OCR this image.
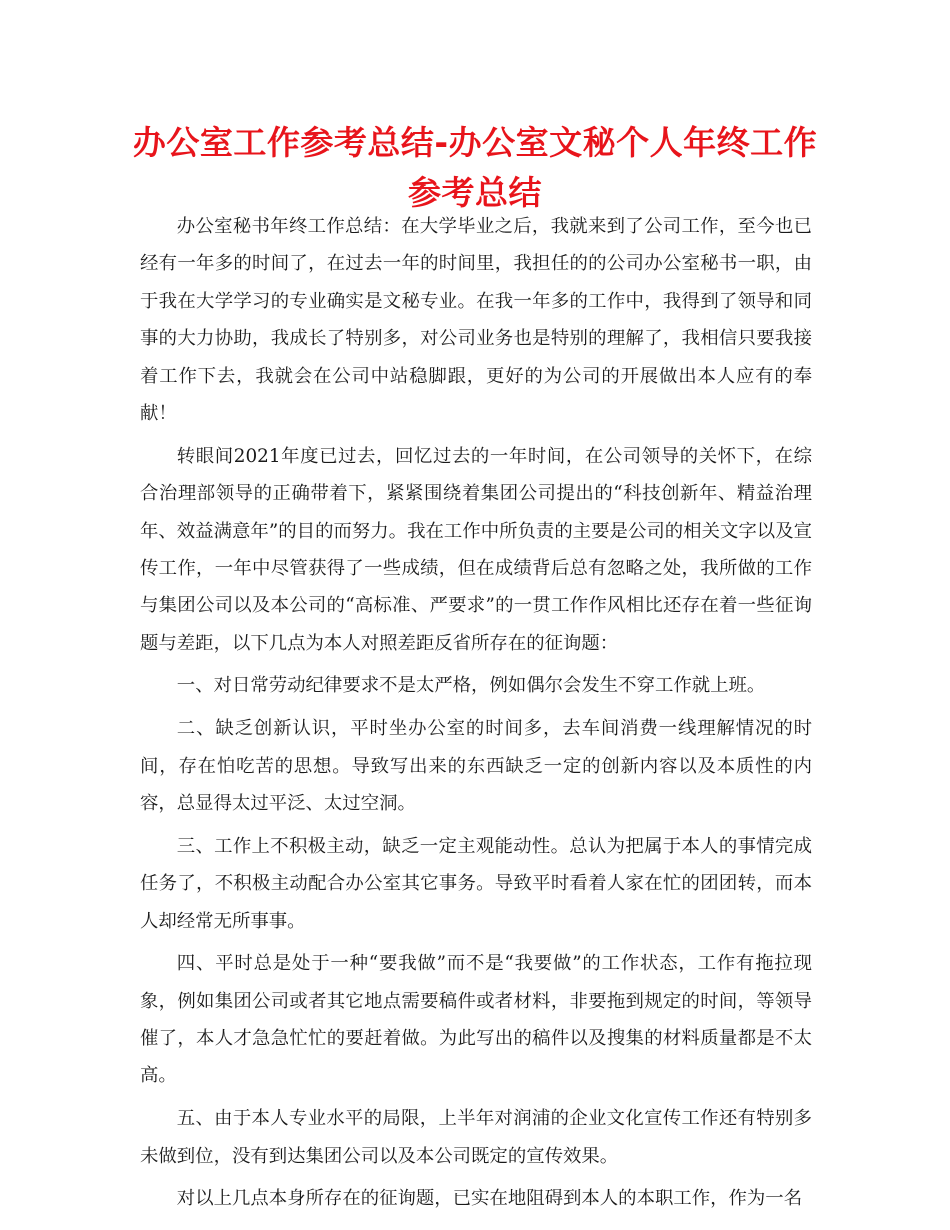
办公室工作参考总结-办公室文秘个人年终工作参考总结

办公室秘书年终工作总结：在大学毕业之后，我就来到了公司工作，至今也已经有一年多的时间了，在过去一年的时间里，我担任的的公司办公室秘书一职，由于我在大学学习的专业确实是文秘专业。在我一年多的工作中，我得到了领导和同事的大力协助，我成长了特别多，对公司业务也是特别的理解了，我相信只要我接着工作下去，我就会在公司中站稳脚跟，更好的为公司的开展做出本人应有的奉献！

转眼间2021年度已过去，回忆过去的一年时间，在公司领导的关怀下，在综合治理部领导的正确带着下，紧紧围绕着集团公司提出的“科技创新年、精益治理年、效益满意年”的目的而努力。我在工作中所负责的主要是公司的相关文字以及宣传工作，一年中尽管获得了一些成绩，但在成绩背后总有忽略之处，我所做的工作与集团公司以及本公司的“高标准、严要求”的一贯工作作风相比还存在着一些征询题与差距，以下几点为本人对照差距反省所存在的征询题：

一、对日常劳动纪律要求不是太严格，例如偶尔会发生不穿工作就上班。

二、缺乏创新认识，平时坐办公室的时间多，去车间消费一线理解情况的时间，存在怕吃苦的思想。导致写出来的东西缺乏一定的创新内容以及本质性的内容，总显得太过平泛、太过空洞。

三、工作上不积极主动，缺乏一定主观能动性。总认为把属于本人的事情完成任务了，不积极主动配合办公室其它事务。导致平时看着人家在忙的团团转，而本人却经常无所事事。

四、平时总是处于一种“要我做”而不是“我要做”的工作状态，工作有拖拉现象，例如集团公司或者其它地点需要稿件或者材料，非要拖到规定的时间，等领导催了，本人才急急忙忙的要赶着做。为此写出的稿件以及搜集的材料质量都是不太高。

五、由于本人专业水平的局限，上半年对润浦的企业文化宣传工作还有特别多未做到位，没有到达集团公司以及本公司既定的宣传效果。

对以上几点本身所存在的征询题，已实在地阻碍到本人的本职工作，作为一名
